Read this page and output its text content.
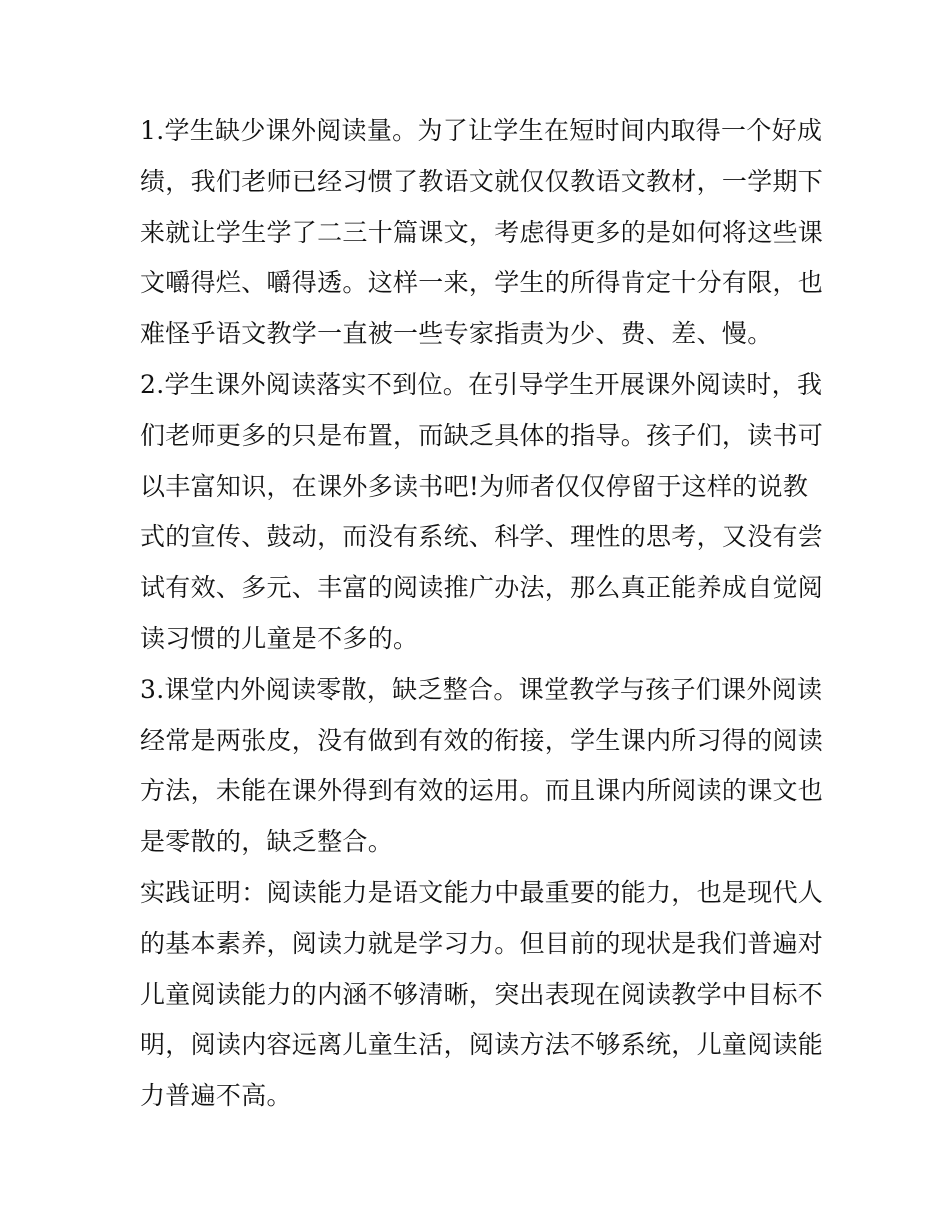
1.学生缺少课外阅读量。为了让学生在短时间内取得一个好成
绩，我们老师已经习惯了教语文就仅仅教语文教材，一学期下
来就让学生学了二三十篇课文，考虑得更多的是如何将这些课
文嚼得烂、嚼得透。这样一来，学生的所得肯定十分有限，也
难怪乎语文教学一直被一些专家指责为少、费、差、慢。
2.学生课外阅读落实不到位。在引导学生开展课外阅读时，我
们老师更多的只是布置，而缺乏具体的指导。孩子们，读书可
以丰富知识，在课外多读书吧!为师者仅仅停留于这样的说教
式的宣传、鼓动，而没有系统、科学、理性的思考，又没有尝
试有效、多元、丰富的阅读推广办法，那么真正能养成自觉阅
读习惯的儿童是不多的。
3.课堂内外阅读零散，缺乏整合。课堂教学与孩子们课外阅读
经常是两张皮，没有做到有效的衔接，学生课内所习得的阅读
方法，未能在课外得到有效的运用。而且课内所阅读的课文也
是零散的，缺乏整合。
实践证明：阅读能力是语文能力中最重要的能力，也是现代人
的基本素养，阅读力就是学习力。但目前的现状是我们普遍对
儿童阅读能力的内涵不够清晰，突出表现在阅读教学中目标不
明，阅读内容远离儿童生活，阅读方法不够系统，儿童阅读能
力普遍不高。
